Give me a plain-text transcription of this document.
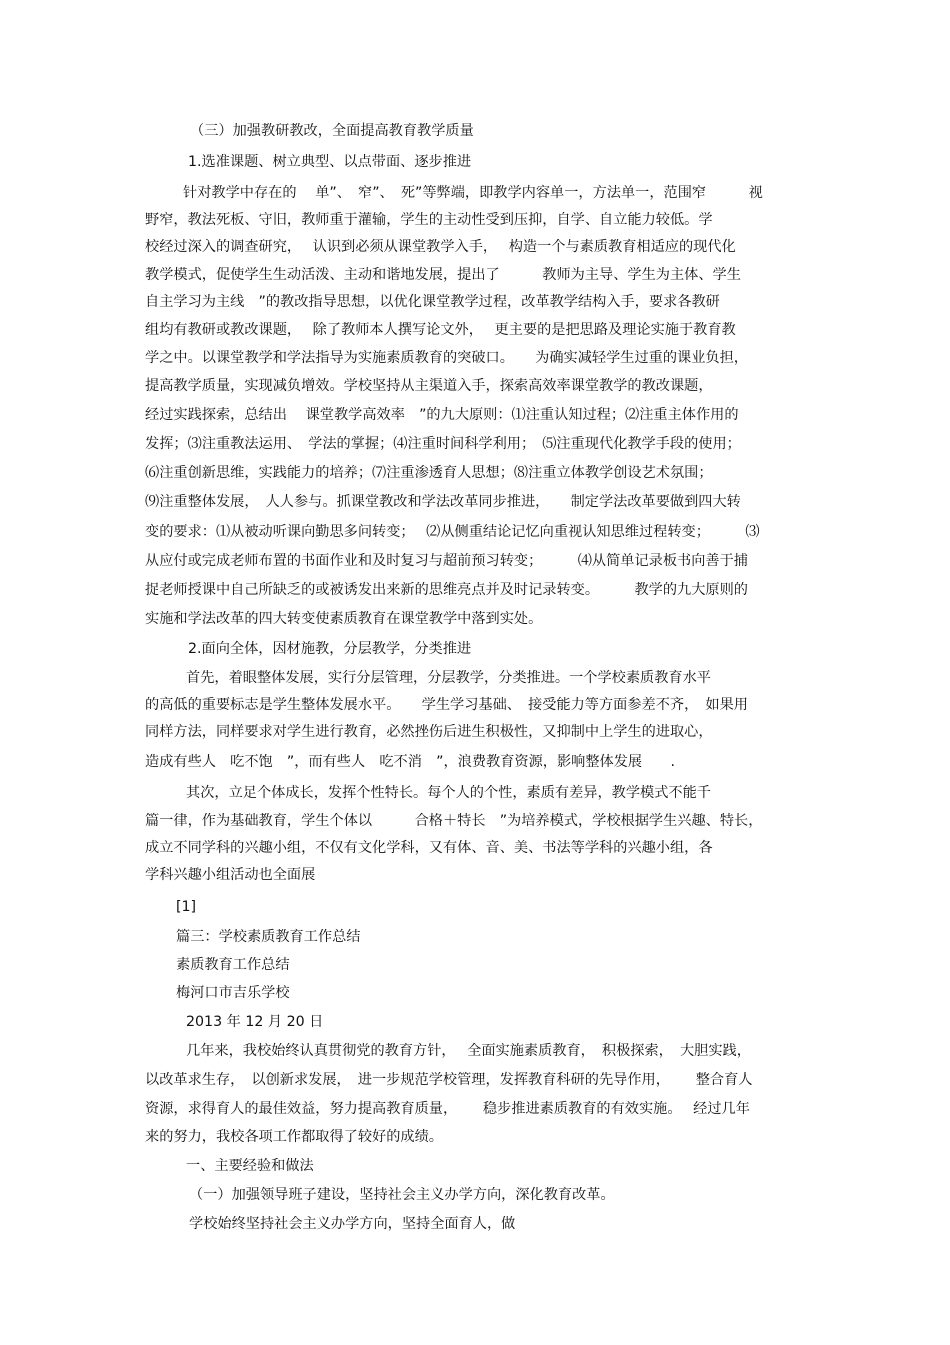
（三）加强教研教改，全面提高教育教学质量
1.选准课题、树立典型、以点带面、逐步推进
针对教学中存在的　 单”、　窄”、　死”等弊端，即教学内容单一，方法单一，范围窄　　　视
野窄，教法死板、守旧，教师重于灌输，学生的主动性受到压抑，自学、自立能力较低。学
校经过深入的调查研究，　 认识到必须从课堂教学入手，　 构造一个与素质教育相适应的现代化
教学模式，促使学生生动活泼、主动和谐地发展，提出了　　　教师为主导、学生为主体、学生
自主学习为主线　”的教改指导思想，以优化课堂教学过程，改革教学结构入手，要求各教研
组均有教研或教改课题，　 除了教师本人撰写论文外，　 更主要的是把思路及理论实施于教育教
学之中。以课堂教学和学法指导为实施素质教育的突破口。　　为确实减轻学生过重的课业负担，
提高教学质量，实现减负增效。学校坚持从主渠道入手，探索高效率课堂教学的教改课题，
经过实践探索，总结出　 课堂教学高效率　”的九大原则：⑴注重认知过程；⑵注重主体作用的
发挥；⑶注重教法运用、　学法的掌握；⑷注重时间科学利用；　⑸注重现代化教学手段的使用；
⑹注重创新思维，实践能力的培养；⑺注重渗透育人思想；⑻注重立体教学创设艺术氛围；
⑼注重整体发展，　人人参与。抓课堂教改和学法改革同步推进，　　制定学法改革要做到四大转
变的要求：⑴从被动听课向勤思多问转变；　 ⑵从侧重结论记忆向重视认知思维过程转变；　　　⑶
从应付或完成老师布置的书面作业和及时复习与超前预习转变；　　　⑷从简单记录板书向善于捕
捉老师授课中自己所缺乏的或被诱发出来新的思维亮点并及时记录转变。　　　教学的九大原则的
实施和学法改革的四大转变使素质教育在课堂教学中落到实处。
2.面向全体，因材施教，分层教学，分类推进
首先，着眼整体发展，实行分层管理，分层教学，分类推进。一个学校素质教育水平
的高低的重要标志是学生整体发展水平。　　学生学习基础、　接受能力等方面参差不齐，　如果用
同样方法，同样要求对学生进行教育，必然挫伤后进生积极性，又抑制中上学生的进取心，
造成有些人　吃不饱　”，而有些人　吃不消　”，浪费教育资源，影响整体发展　　.
其次，立足个体成长，发挥个性特长。每个人的个性，素质有差异，教学模式不能千
篇一律，作为基础教育，学生个体以　　　合格＋特长　”为培养模式，学校根据学生兴趣、特长，
成立不同学科的兴趣小组，不仅有文化学科，又有体、音、美、书法等学科的兴趣小组，各
学科兴趣小组活动也全面展
[1]
篇三：学校素质教育工作总结
素质教育工作总结
梅河口市吉乐学校
2013 年 12 月 20 日
几年来，我校始终认真贯彻党的教育方针，　 全面实施素质教育，　积极探索，　大胆实践，
以改革求生存，　以创新求发展，　进一步规范学校管理，发挥教育科研的先导作用，　　 整合育人
资源，求得育人的最佳效益，努力提高教育质量，　　 稳步推进素质教育的有效实施。　 经过几年
来的努力，我校各项工作都取得了较好的成绩。
一、主要经验和做法
（一）加强领导班子建设，坚持社会主义办学方向，深化教育改革。
学校始终坚持社会主义办学方向，坚持全面育人，做
